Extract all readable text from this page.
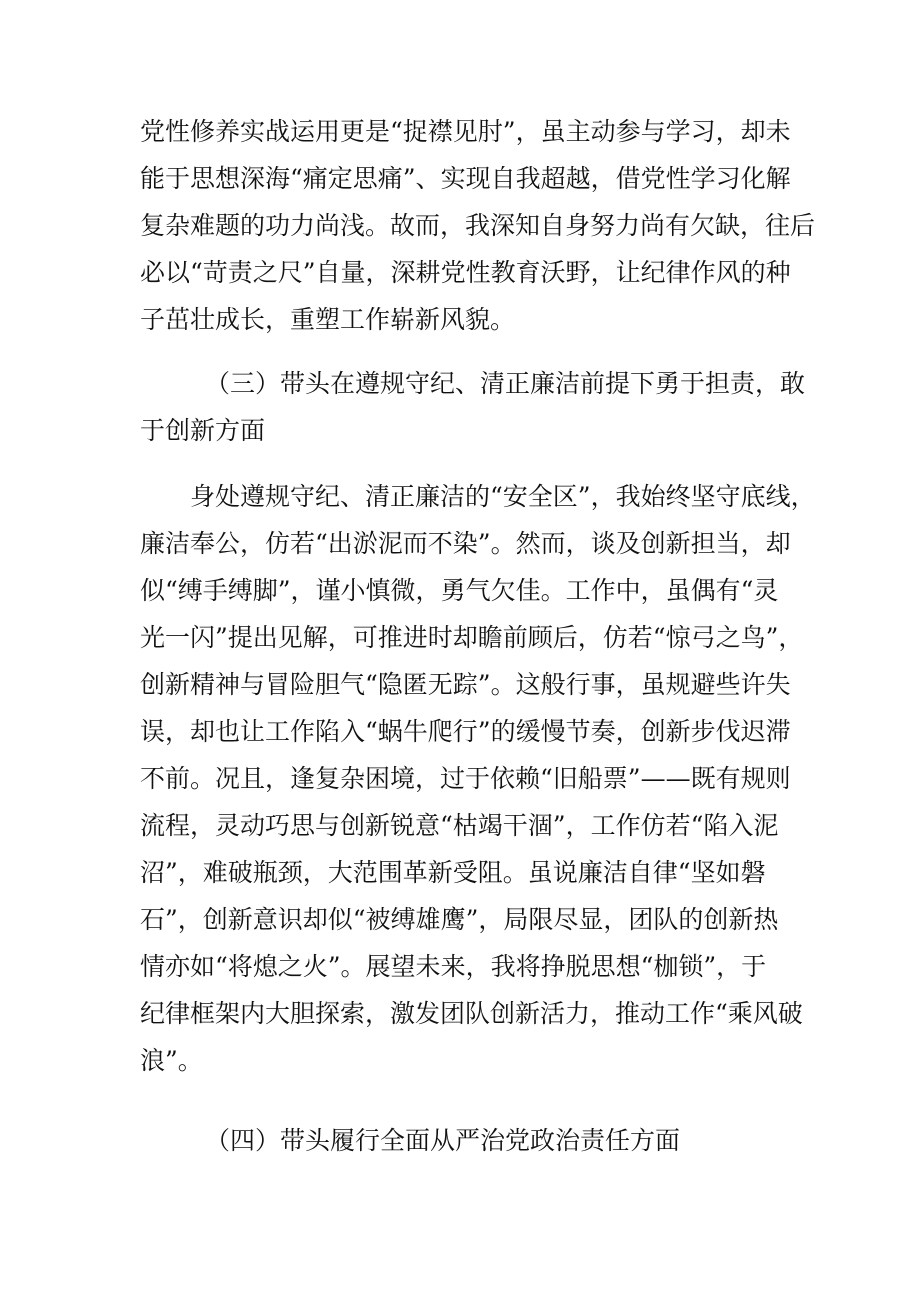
党性修养实战运用更是“捉襟见肘”，虽主动参与学习，却未
能于思想深海“痛定思痛”、实现自我超越，借党性学习化解
复杂难题的功力尚浅。故而，我深知自身努力尚有欠缺，往后
必以“苛责之尺”自量，深耕党性教育沃野，让纪律作风的种
子茁壮成长，重塑工作崭新风貌。
（三）带头在遵规守纪、清正廉洁前提下勇于担责，敢
于创新方面
身处遵规守纪、清正廉洁的“安全区”，我始终坚守底线，
廉洁奉公，仿若“出淤泥而不染”。然而，谈及创新担当，却
似“缚手缚脚”，谨小慎微，勇气欠佳。工作中，虽偶有“灵
光一闪”提出见解，可推进时却瞻前顾后，仿若“惊弓之鸟”，
创新精神与冒险胆气“隐匿无踪”。这般行事，虽规避些许失
误，却也让工作陷入“蜗牛爬行”的缓慢节奏，创新步伐迟滞
不前。况且，逢复杂困境，过于依赖“旧船票”——既有规则
流程，灵动巧思与创新锐意“枯竭干涸”，工作仿若“陷入泥
沼”，难破瓶颈，大范围革新受阻。虽说廉洁自律“坚如磐
石”，创新意识却似“被缚雄鹰”，局限尽显，团队的创新热
情亦如“将熄之火”。展望未来，我将挣脱思想“枷锁”，于
纪律框架内大胆探索，激发团队创新活力，推动工作“乘风破
浪”。
（四）带头履行全面从严治党政治责任方面
